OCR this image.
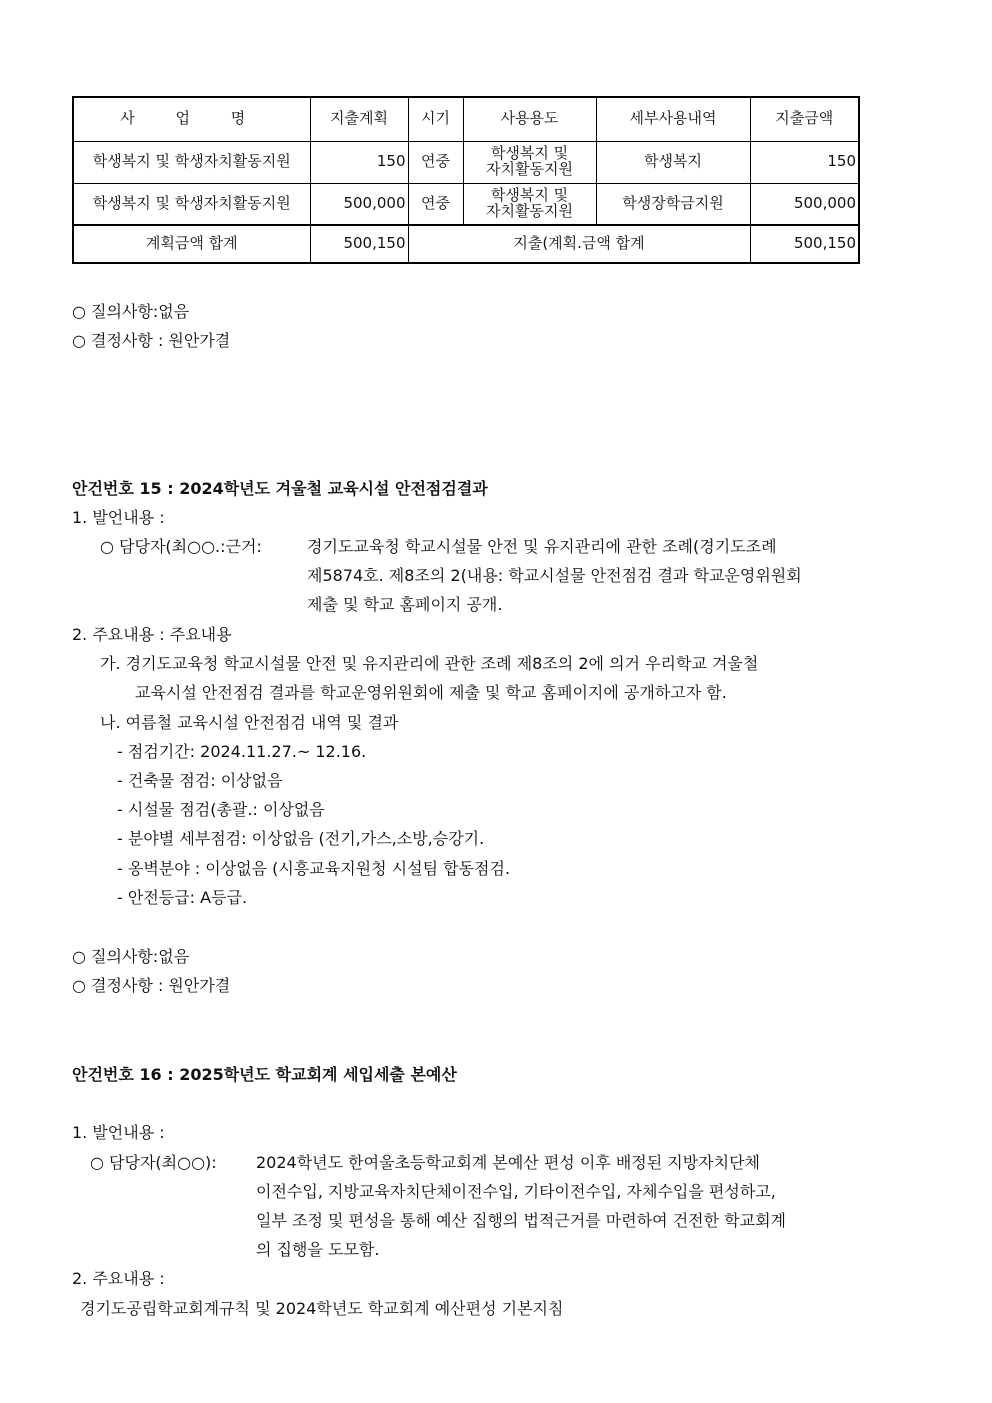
사 업 명	지출계획	시기	사용용도	세부사용내역	지출금액
학생복지 및 학생자치활동지원	150	연중	학생복지 및
자치활동지원	학생복지	150
학생복지 및 학생자치활동지원	500,000	연중	학생복지 및
자치활동지원	학생장학금지원	500,000
계획금액 합계	500,150	지출(계획.금액 합계			500,150
○ 질의사항:없음
○ 결정사항 : 원안가결
안건번호 15 : 2024학년도 겨울철 교육시설 안전점검결과
1. 발언내용 :
○ 담당자(최○○.:근거:	경기도교육청 학교시설물 안전 및 유지관리에 관한 조례(경기도조례
제5874호. 제8조의 2(내용: 학교시설물 안전점검 결과 학교운영위원회
제출 및 학교 홈페이지 공개.
2. 주요내용 : 주요내용
가. 경기도교육청 학교시설물 안전 및 유지관리에 관한 조례 제8조의 2에 의거 우리학교 겨울철
교육시설 안전점검 결과를 학교운영위원회에 제출 및 학교 홈페이지에 공개하고자 함.
나. 여름철 교육시설 안전점검 내역 및 결과
- 점검기간: 2024.11.27.~ 12.16.
- 건축물 점검: 이상없음
- 시설물 점검(총괄.: 이상없음
- 분야별 세부점검: 이상없음 (전기,가스,소방,승강기.
- 옹벽분야 : 이상없음 (시흥교육지원청 시설팀 합동점검.
- 안전등급: A등급.
○ 질의사항:없음
○ 결정사항 : 원안가결
안건번호 16 : 2025학년도 학교회계 세입세출 본예산
1. 발언내용 :
○ 담당자(최○○): 2024학년도 한여울초등학교회계 본예산 편성 이후 배정된 지방자치단체
이전수입, 지방교육자치단체이전수입, 기타이전수입, 자체수입을 편성하고,
일부 조정 및 편성을 통해 예산 집행의 법적근거를 마련하여 건전한 학교회계
의 집행을 도모함.
2. 주요내용 :
경기도공립학교회계규칙 및 2024학년도 학교회계 예산편성 기본지침
